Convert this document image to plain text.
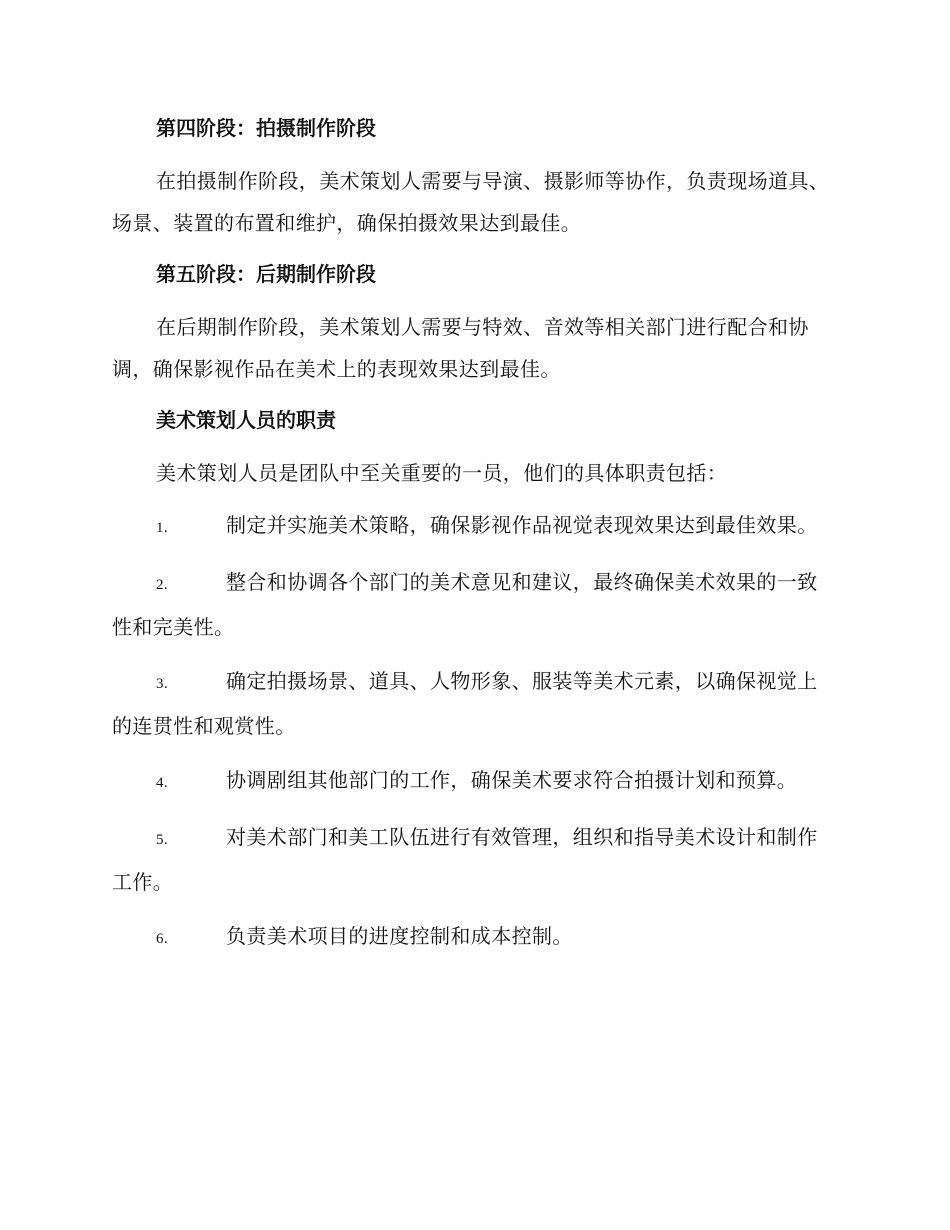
第四阶段：拍摄制作阶段
在拍摄制作阶段，美术策划人需要与导演、摄影师等协作，负责现场道具、场景、装置的布置和维护，确保拍摄效果达到最佳。
第五阶段：后期制作阶段
在后期制作阶段，美术策划人需要与特效、音效等相关部门进行配合和协调，确保影视作品在美术上的表现效果达到最佳。
美术策划人员的职责
美术策划人员是团队中至关重要的一员，他们的具体职责包括：
1.	制定并实施美术策略，确保影视作品视觉表现效果达到最佳效果。
2.	整合和协调各个部门的美术意见和建议，最终确保美术效果的一致性和完美性。
3.	确定拍摄场景、道具、人物形象、服装等美术元素，以确保视觉上的连贯性和观赏性。
4.	协调剧组其他部门的工作，确保美术要求符合拍摄计划和预算。
5.	对美术部门和美工队伍进行有效管理，组织和指导美术设计和制作工作。
6.	负责美术项目的进度控制和成本控制。
